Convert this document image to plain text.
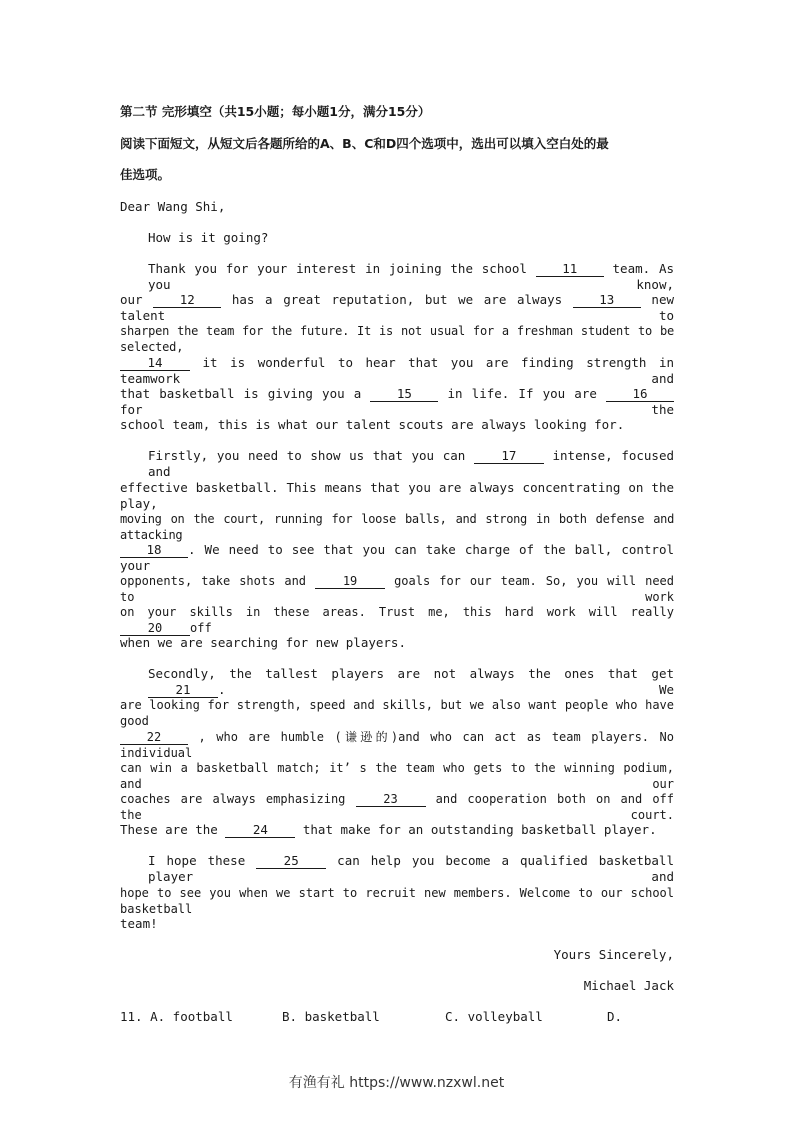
第二节 完形填空（共15小题；每小题1分，满分15分）
阅读下面短文，从短文后各题所给的A、B、C和D四个选项中，选出可以填入空白处的最
佳选项。
Dear Wang Shi,
How is it going?
Thank you for your interest in joining the school 11 team. As you know,
our 12 has a great reputation, but we are always 13 new talent to
sharpen the team for the future. It is not usual for a freshman student to be selected,
14 it is wonderful to hear that you are finding strength in teamwork and
that basketball is giving you a 15 in life. If you are 16 for the
school team, this is what our talent scouts are always looking for.
Firstly, you need to show us that you can 17 intense, focused and
effective basketball. This means that you are always concentrating on the play,
moving on the court, running for loose balls, and strong in both defense and attacking
18 . We need to see that you can take charge of the ball, control your
opponents, take shots and 19 goals for our team. So, you will need to work
on your skills in these areas. Trust me, this hard work will really 20 off
when we are searching for new players.
Secondly, the tallest players are not always the ones that get 21 . We
are looking for strength, speed and skills, but we also want people who have good
22 , who are humble (谦逊的)and who can act as team players. No individual
can win a basketball match; it’ s the team who gets to the winning podium, and our
coaches are always emphasizing 23 and cooperation both on and off the court.
These are the 24 that make for an outstanding basketball player.
I hope these 25 can help you become a qualified basketball player and
hope to see you when we start to recruit new members. Welcome to our school basketball
team!
Yours Sincerely,
Michael Jack
11. A. football	B. basketball	C. volleyball	D.
有渔有礼 https://www.nzxwl.net
